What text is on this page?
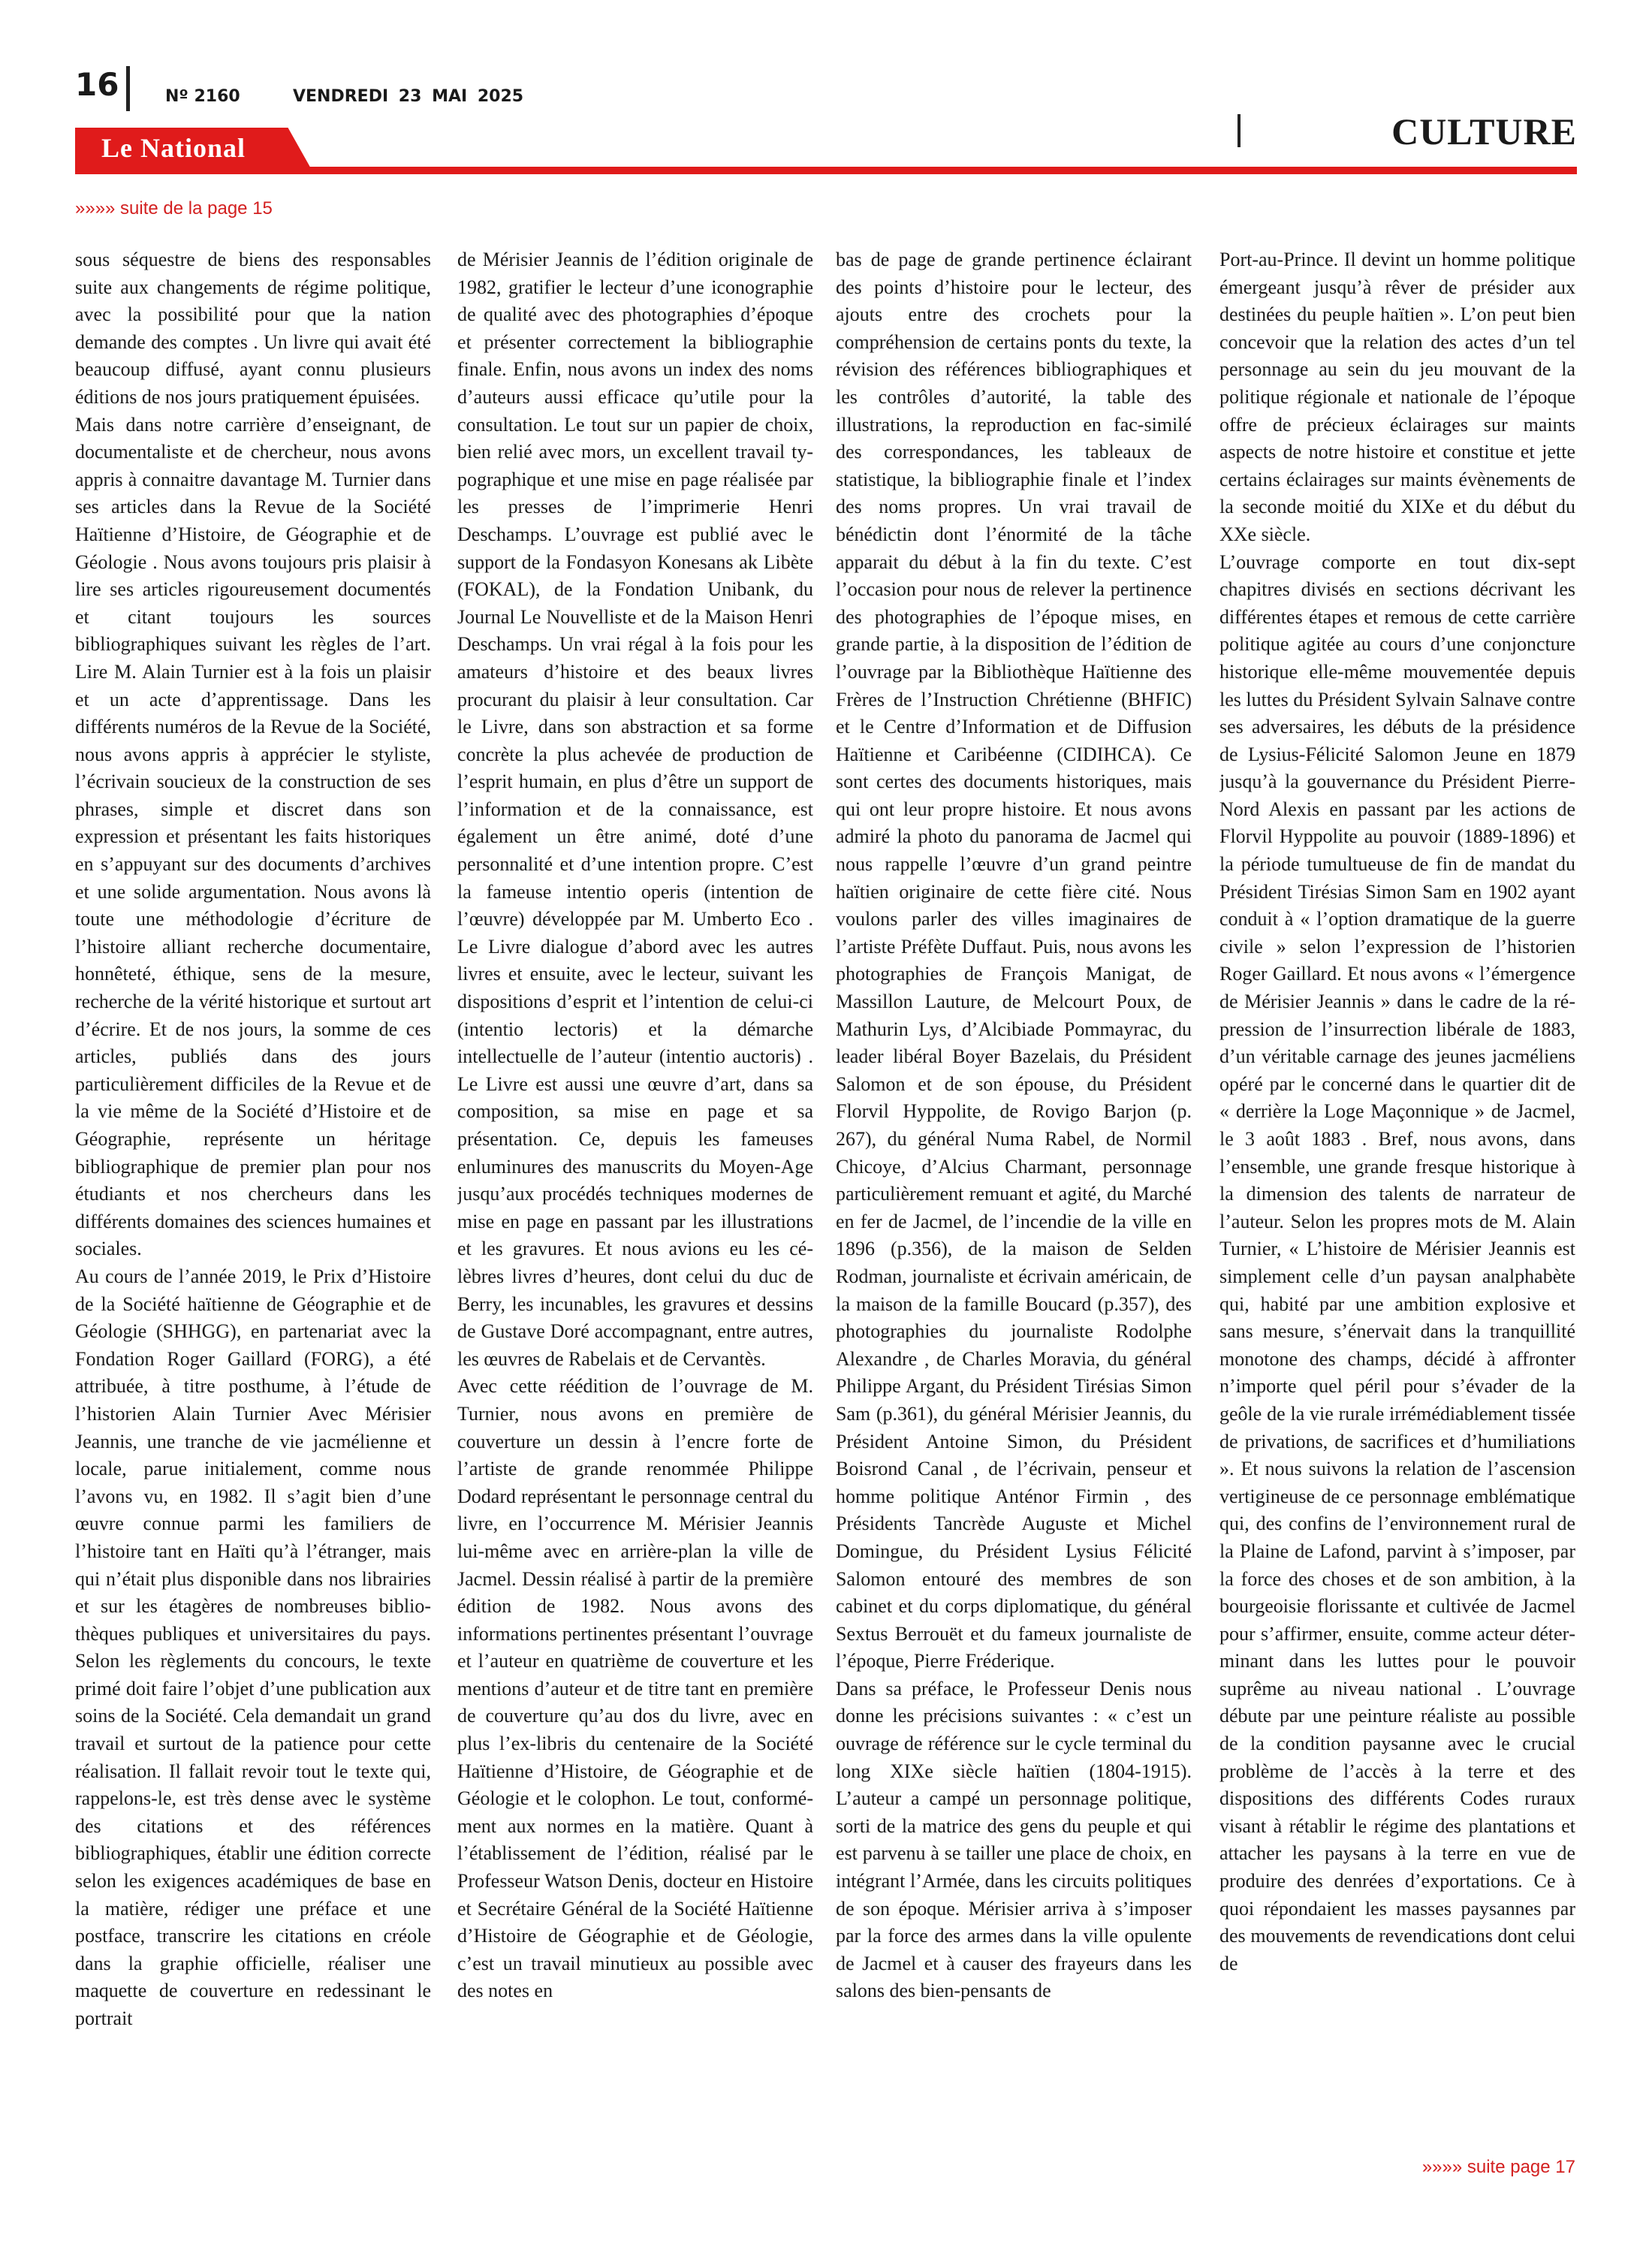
16	Nº 2160	VENDREDI 23 MAI 2025
CULTURE
Le National
»»»» suite de la page 15

sous séquestre de biens des responsables suite aux changements de régime politique, avec la possibilité pour que la nation demande des comptes . Un livre qui avait été beaucoup diffusé, ayant connu plusieurs éditions de nos jours pratiquement épuisées.

Mais dans notre carrière d’enseignant, de documentaliste et de chercheur, nous avons appris à connaitre davantage M. Turnier dans ses articles dans la Revue de la Société Haïtienne d’Histoire, de Géographie et de Géologie . Nous avons toujours pris plaisir à lire ses articles rigoureusement documentés et citant toujours les sources bibliographiques suivant les règles de l’art. Lire M. Alain Turnier est à la fois un plaisir et un acte d’apprentissage. Dans les différents numéros de la Revue de la Société, nous avons appris à apprécier le styliste, l’écrivain soucieux de la construction de ses phrases, simple et discret dans son expression et présentant les faits historiques en s’appuyant sur des documents d’archives et une solide argumentation. Nous avons là toute une méthodologie d’écriture de l’histoire alliant recherche documentaire, honnêteté, éthique, sens de la mesure, recherche de la vérité historique et surtout art d’écrire. Et de nos jours, la somme de ces articles, publiés dans des jours particulièrement difficiles de la Revue et de la vie même de la Société d’Histoire et de Géographie, représente un héritage bibliographique de premier plan pour nos étudiants et nos chercheurs dans les différents domaines des sciences humaines et sociales.

Au cours de l’année 2019, le Prix d’Histoire de la Société haïtienne de Géographie et de Géologie (SHHGG), en partenariat avec la Fondation Roger Gaillard (FORG), a été attribuée, à titre posthume, à l’étude de l’historien Alain Turnier Avec Mérisier Jeannis, une tranche de vie jacmélienne et locale, parue initialement, comme nous l’avons vu, en 1982. Il s’agit bien d’une œuvre connue parmi les familiers de l’histoire tant en Haïti qu’à l’étranger, mais qui n’était plus disponible dans nos librairies et sur les étagères de nombreuses bibliothèques publiques et universitaires du pays. Selon les règlements du concours, le texte primé doit faire l’objet d’une publication aux soins de la Société. Cela demandait un grand travail et surtout de la patience pour cette réalisation. Il fallait revoir tout le texte qui, rappelons-le, est très dense avec le système des citations et des références bibliographiques, établir une édition correcte selon les exigences académiques de base en la matière, rédiger une préface et une postface, transcrire les citations en créole dans la graphie officielle, réaliser une maquette de couverture en redessinant le portrait

de Mérisier Jeannis de l’édition originale de 1982, gratifier le lecteur d’une iconographie de qualité avec des photographies d’époque et présenter correctement la bibliographie finale. Enfin, nous avons un index des noms d’auteurs aussi efficace qu’utile pour la consultation. Le tout sur un papier de choix, bien relié avec mors, un excellent travail typographique et une mise en page réalisée par les presses de l’imprimerie Henri Deschamps. L’ouvrage est publié avec le support de la Fondasyon Konesans ak Libète (FOKAL), de la Fondation Unibank, du Journal Le Nouvelliste et de la Maison Henri Deschamps. Un vrai régal à la fois pour les amateurs d’histoire et des beaux livres procurant du plaisir à leur consultation. Car le Livre, dans son abstraction et sa forme concrète la plus achevée de production de l’esprit humain, en plus d’être un support de l’information et de la connaissance, est également un être animé, doté d’une personnalité et d’une intention propre. C’est la fameuse intentio operis (intention de l’œuvre) développée par M. Umberto Eco . Le Livre dialogue d’abord avec les autres livres et ensuite, avec le lecteur, suivant les dispositions d’esprit et l’intention de celui-ci (intentio lectoris) et la démarche intellectuelle de l’auteur (intentio auctoris) . Le Livre est aussi une œuvre d’art, dans sa composition, sa mise en page et sa présentation. Ce, depuis les fameuses enluminures des manuscrits du Moyen-Age jusqu’aux procédés techniques modernes de mise en page en passant par les illustrations et les gravures. Et nous avions eu les célèbres livres d’heures, dont celui du duc de Berry, les incunables, les gravures et dessins de Gustave Doré accompagnant, entre autres, les œuvres de Rabelais et de Cervantès.

Avec cette réédition de l’ouvrage de M. Turnier, nous avons en première de couverture un dessin à l’encre forte de l’artiste de grande renommée Philippe Dodard représentant le personnage central du livre, en l’occurrence M. Mérisier Jeannis lui-même avec en arrière-plan la ville de Jacmel. Dessin réalisé à partir de la première édition de 1982. Nous avons des informations pertinentes présentant l’ouvrage et l’auteur en quatrième de couverture et les mentions d’auteur et de titre tant en première de couverture qu’au dos du livre, avec en plus l’ex-libris du centenaire de la Société Haïtienne d’Histoire, de Géographie et de Géologie et le colophon. Le tout, conformément aux normes en la matière. Quant à l’établissement de l’édition, réalisé par le Professeur Watson Denis, docteur en Histoire et Secrétaire Général de la Société Haïtienne d’Histoire de Géographie et de Géologie, c’est un travail minutieux au possible avec des notes en

bas de page de grande pertinence éclairant des points d’histoire pour le lecteur, des ajouts entre des crochets pour la compréhension de certains ponts du texte, la révision des références bibliographiques et les contrôles d’autorité, la table des illustrations, la reproduction en fac-similé des correspondances, les tableaux de statistique, la bibliographie finale et l’index des noms propres. Un vrai travail de bénédictin dont l’énormité de la tâche apparait du début à la fin du texte. C’est l’occasion pour nous de relever la pertinence des photographies de l’époque mises, en grande partie, à la disposition de l’édition de l’ouvrage par la Bibliothèque Haïtienne des Frères de l’Instruction Chrétienne (BHFIC) et le Centre d’Information et de Diffusion Haïtienne et Caribéenne (CIDIHCA). Ce sont certes des documents historiques, mais qui ont leur propre histoire. Et nous avons admiré la photo du panorama de Jacmel qui nous rappelle l’œuvre d’un grand peintre haïtien originaire de cette fière cité. Nous voulons parler des villes imaginaires de l’artiste Préfète Duffaut. Puis, nous avons les photographies de François Manigat, de Massillon Lauture, de Melcourt Poux, de Mathurin Lys, d’Alcibiade Pommayrac, du leader libéral Boyer Bazelais, du Président Salomon et de son épouse, du Président Florvil Hyppolite, de Rovigo Barjon (p. 267), du général Numa Rabel, de Normil Chicoye, d’Alcius Charmant, personnage particulièrement remuant et agité, du Marché en fer de Jacmel, de l’incendie de la ville en 1896 (p.356), de la maison de Selden Rodman, journaliste et écrivain américain, de la maison de la famille Boucard (p.357), des photographies du journaliste Rodolphe Alexandre , de Charles Moravia, du général Philippe Argant, du Président Tirésias Simon Sam (p.361), du général Mérisier Jeannis, du Président Antoine Simon, du Président Boisrond Canal , de l’écrivain, penseur et homme politique Anténor Firmin , des Présidents Tancrède Auguste et Michel Domingue, du Président Lysius Félicité Salomon entouré des membres de son cabinet et du corps diplomatique, du général Sextus Berrouët et du fameux journaliste de l’époque, Pierre Fréderique.

Dans sa préface, le Professeur Denis nous donne les précisions suivantes : « c’est un ouvrage de référence sur le cycle terminal du long XIXe siècle haïtien (1804-1915). L’auteur a campé un personnage politique, sorti de la matrice des gens du peuple et qui est parvenu à se tailler une place de choix, en intégrant l’Armée, dans les circuits politiques de son époque. Mérisier arriva à s’imposer par la force des armes dans la ville opulente de Jacmel et à causer des frayeurs dans les salons des bien-pensants de

Port-au-Prince. Il devint un homme politique émergeant jusqu’à rêver de présider aux destinées du peuple haïtien ». L’on peut bien concevoir que la relation des actes d’un tel personnage au sein du jeu mouvant de la politique régionale et nationale de l’époque offre de précieux éclairages sur maints aspects de notre histoire et constitue et jette certains éclairages sur maints évènements de la seconde moitié du XIXe et du début du XXe siècle.

L’ouvrage comporte en tout dix-sept chapitres divisés en sections décrivant les différentes étapes et remous de cette carrière politique agitée au cours d’une conjoncture historique elle-même mouvementée depuis les luttes du Président Sylvain Salnave contre ses adversaires, les débuts de la présidence de Lysius-Félicité Salomon Jeune en 1879 jusqu’à la gouvernance du Président Pierre-Nord Alexis en passant par les actions de Florvil Hyppolite au pouvoir (1889-1896) et la période tumultueuse de fin de mandat du Président Tirésias Simon Sam en 1902 ayant conduit à « l’option dramatique de la guerre civile » selon l’expression de l’historien Roger Gaillard. Et nous avons « l’émergence de Mérisier Jeannis » dans le cadre de la répression de l’insurrection libérale de 1883, d’un véritable carnage des jeunes jacméliens opéré par le concerné dans le quartier dit de « derrière la Loge Maçonnique » de Jacmel, le 3 août 1883 . Bref, nous avons, dans l’ensemble, une grande fresque historique à la dimension des talents de narrateur de l’auteur. Selon les propres mots de M. Alain Turnier, « L’histoire de Mérisier Jeannis est simplement celle d’un paysan analphabète qui, habité par une ambition explosive et sans mesure, s’énervait dans la tranquillité monotone des champs, décidé à affronter n’importe quel péril pour s’évader de la geôle de la vie rurale irrémédiablement tissée de privations, de sacrifices et d’humiliations ». Et nous suivons la relation de l’ascension vertigineuse de ce personnage emblématique qui, des confins de l’environnement rural de la Plaine de Lafond, parvint à s’imposer, par la force des choses et de son ambition, à la bourgeoisie florissante et cultivée de Jacmel pour s’affirmer, ensuite, comme acteur déterminant dans les luttes pour le pouvoir suprême au niveau national . L’ouvrage débute par une peinture réaliste au possible de la condition paysanne avec le crucial problème de l’accès à la terre et des dispositions des différents Codes ruraux visant à rétablir le régime des plantations et attacher les paysans à la terre en vue de produire des denrées d’exportations. Ce à quoi répondaient les masses paysannes par des mouvements de revendications dont celui de

»»»» suite page 17
